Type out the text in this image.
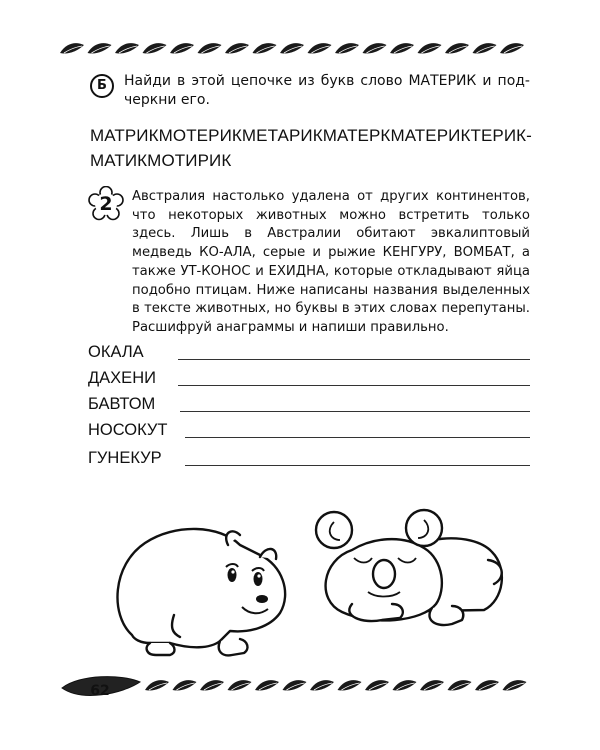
Б	Найди в этой цепочке из букв слово МАТЕРИК и под-черкни его.
МАТРИКМОТЕРИКМЕТАРИКМАТЕРКМАТЕРИКТЕРИК-МАТИКМОТИРИК
2	Австралия настолько удалена от других континентов, что некоторых животных можно встретить только здесь. Лишь в Австралии обитают эвкалиптовый медведь КО-АЛА, серые и рыжие КЕНГУРУ, ВОМБАТ, а также УТ-КОНОС и ЕХИДНА, которые откладывают яйца подобно птицам. Ниже написаны названия выделенных в тексте животных, но буквы в этих словах перепутаны. Расшифруй анаграммы и напиши правильно.
ОКАЛА
ДАХЕНИ
БАВТОМ
НОСОКУТ
ГУНЕКУР
62
